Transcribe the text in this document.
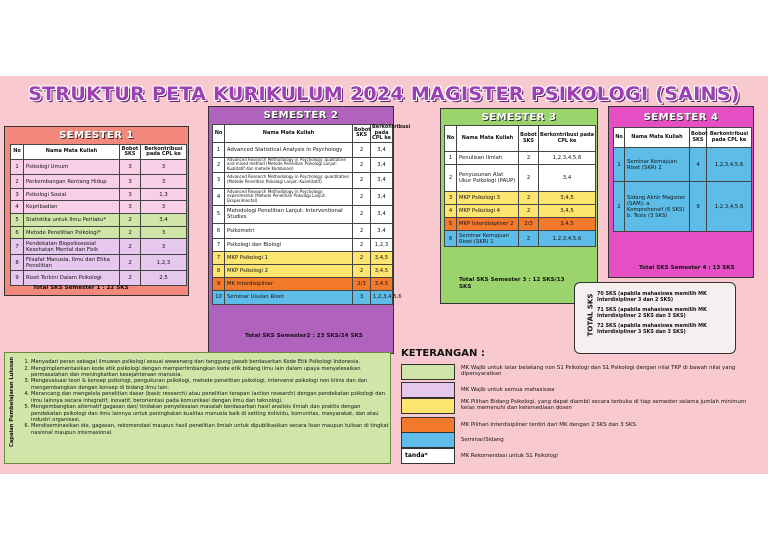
STRUKTUR PETA KURIKULUM 2024 MAGISTER PSIKOLOGI (SAINS)
SEMESTER 1
No	Nama Mata Kuliah	Bobot SKS	Berkontribusi pada CPL ke
1	Psikologi Umum	3	3
2	Perkembangan Rentang Hidup	3	3
3	Psikologi Sosial	3	1,3
4	Kepribadian	3	3
5	Statistika untuk Ilmu Perilaku*	2	3,4
6	Metode Penelitian Psikologi*	2	3
7	Pendekatan Biopsikososial Kesehatan Mental dan Fisik	2	3
8	Filsafat Manusia, Ilmu dan Etika Penelitian	2	1,2,3
9	Riset Terkini Dalam Psikologi	2	2,5
Total SKS Semester 1 : 22 SKS
SEMESTER 2
No	Nama Mata Kuliah	Bobot SKS	Berkontribusi pada CPL ke
1	Advanced Statistical Analysis in Psychology	2	3,4
2	Advanced Research Methodology in Psychology: qualitative and mixed method (Metode Penelitian Psikologi Lanjut: Kualitatif dan metode Kombinasi)	2	3,4
3	Advanced Research Methodology in Psychology: quantitative (Metode Penelitian Psikologi Lanjut: Kuantitatif)	2	3,4
4	Advanced Research Methodology in Psychology: experimental (Metode Penelitian Psikologi Lanjut: Eksperimental)	2	3,4
5	Metodologi Penelitian Lanjut: Interventional Studies	2	3,4
6	Psikometri	2	3,4
7	Psikologi dan Biologi	2	1,2,3
7	MKP Psikologi 1	2	3,4,5
8	MKP Psikologi 2	2	3,4,5
9	MK Interdisipliner	2/3	3,4,5
10	Seminar Usulan Riset	3	1,2,3,4,5,6
Total SKS Semester2 : 23 SKS/24 SKS
SEMESTER 3
No	Nama Mata Kuliah	Bobot SKS	Berkontribusi pada CPL ke
1	Penulisan Ilmiah	2	1,2,3,4,5,6
2	Penyusunan Alat Ukur Psikologi (PAUP)	2	3,4
3	MKP Psikologi 3	2	3,4,5
4	MKP Psikologi 4	2	3,4,5
5	MKP Interdisipliner 2	2/3	3,4,5
6	Seminar Kemajuan Riset (SKR) 1	2	1,2,3,4,5,6
Total SKS Semester 3 : 12 SKS/13 SKS
SEMESTER 4
No	Nama Mata Kuliah	Bobot SKS	Berkontribusi pada CPL ke
1	Seminar Kemajuan Riset (SKR) 2	4	1,2,3,4,5,6
2	Sidang Akhir Magister (SAM): a. Komprehensif (6 SKS) b. Tesis (3 SKS)	9	1,2,3,4,5,6
Total SKS Semester 4 : 13 SKS
TOTAL SKS 70 SKS (apabila mahasiswa memilih MK Interdisipliner 3 dan 2 SKS)
71 SKS (apabila mahasiswa memilih MK Interdisipliner 2 SKS dan 3 SKS)
72 SKS (apabila mahasiswa memilih MK Interdisipliner 3 SKS dan 3 SKS)
Capaian Pembelajaran Lulusan	1. Menyadari peran sebagai ilmuwan psikologi sesuai wewenang dan tanggung jawab berdasarkan Kode Etik Psikologi Indonesia.
2. Mengimplementasikan kode etik psikologi dengan mempertimbangkan kode etik bidang ilmu lain dalam upaya menyelesaikan permasalahan dan meningkatkan kesejahteraan manusia.
3. Mengevaluasi teori & konsep psikologi, pengukuran psikologi, metode penelitian psikologi, intervensi psikologi non klinis dan dan mengembangkan dengan konsep di bidang ilmu lain.
4. Merancang dan mengelola penelitian dasar (basic research) atau penelitian terapan (action research) dengan pendekatan psikologi dan ilmu lainnya secara integratif, inovatif, berorientasi pada komunikasi dengan ilmu dan teknologi.
5. Mengembangkan alternatif gagasan dan/ tindakan penyelesaian masalah berdasarkan hasil analisis ilmiah dan praktis dengan pendekatan psikologi dan ilmu lainnya untuk peningkatan kualitas manusia baik di setting individu, komunitas, masyarakat, dan atau industri organisasi.
6. Mendiseminasikan ide, gagasan, rekomendasi maupun hasil penelitian ilmiah untuk dipublikasikan secara lisan maupun tulisan di tingkat nasional maupun internasional.
KETERANGAN :
MK Wajib untuk latar belakang non S1 Psikologi dan S1 Psikologi dengan nilai TKP di bawah nilai yang dipersyaratkan
MK Wajib untuk semua mahasiswa
MK Pilihan Bidang Psikologi, yang dapat diambil secara terbuka di tiap semester selama jumlah minimum kelas memenuhi dan ketersediaan dosen
MK Pilihan Interdisipliner terdiri dari MK dengan 2 SKS dan 3 SKS.
Seminar/Sidang
tanda*	MK Rekomendasi untuk S1 Psikologi
